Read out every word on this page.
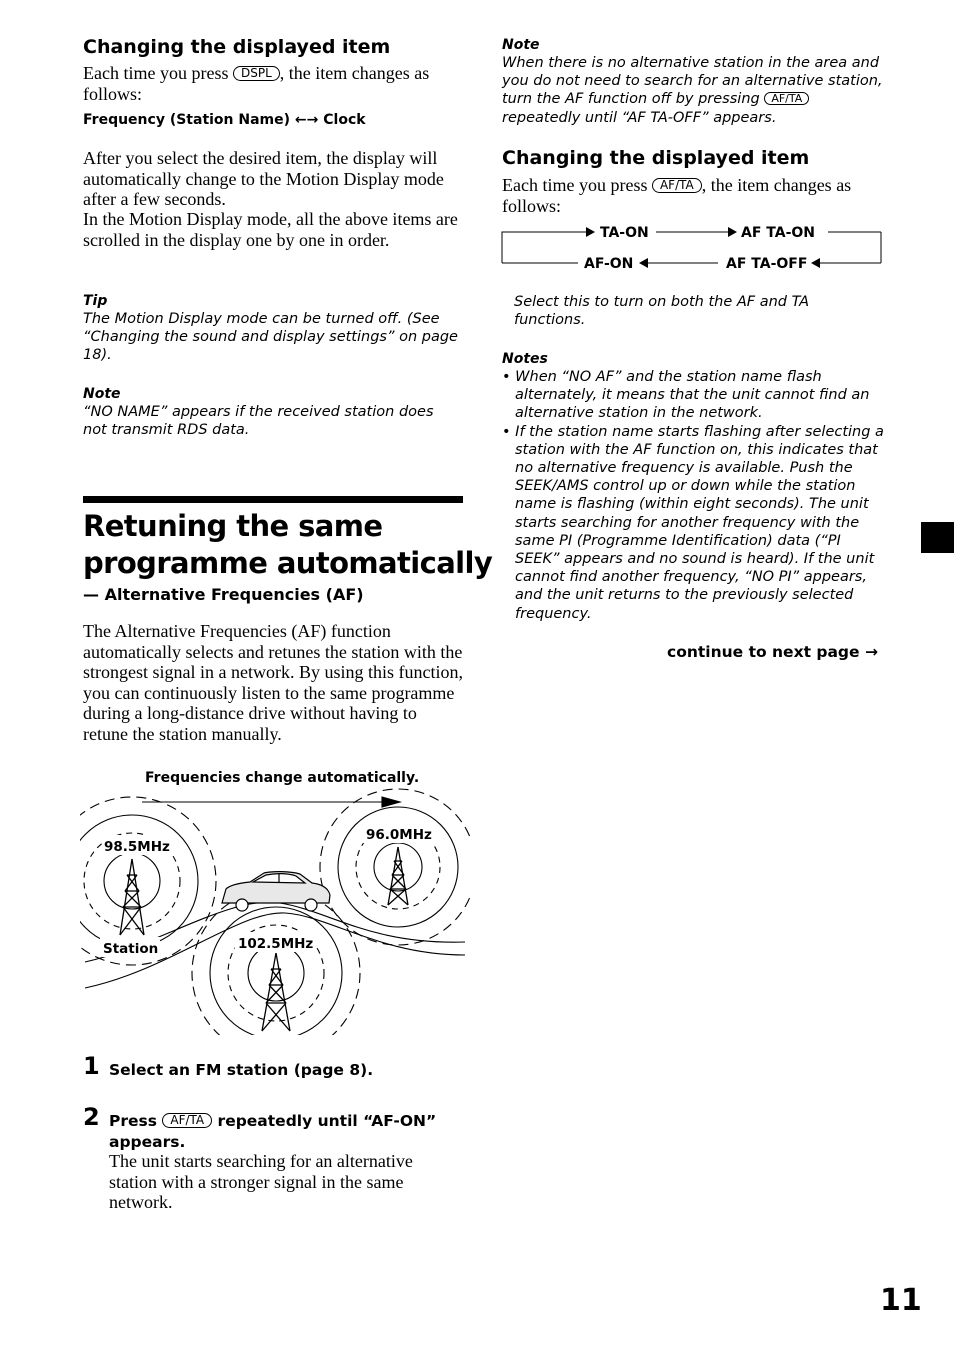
Changing the displayed item

Each time you press DSPL , the item changes as follows:

Frequency (Station Name) ←→ Clock

After you select the desired item, the display will automatically change to the Motion Display mode after a few seconds.

In the Motion Display mode, all the above items are scrolled in the display one by one in order.

Tip

The Motion Display mode can be turned off. (See “Changing the sound and display settings” on page 18).

Note

“NO NAME” appears if the received station does not transmit RDS data.

Retuning the same
programme automatically
— Alternative Frequencies (AF)

The Alternative Frequencies (AF) function automatically selects and retunes the station with the strongest signal in a network. By using this function, you can continuously listen to the same programme during a long-distance drive without having to retune the station manually.

Frequencies change automatically.
98.5MHz
96.0MHz
102.5MHz
Station
1 Select an FM station (page 8).
2 Press AF/TA repeatedly until “AF-ON” appears.

The unit starts searching for an alternative station with a stronger signal in the same network.

Note

When there is no alternative station in the area and you do not need to search for an alternative station, turn the AF function off by pressing AF/TA repeatedly until “AF TA-OFF” appears.

Changing the displayed item

Each time you press AF/TA , the item changes as follows:

TA-ON	AF TA-ON
AF TA-OFF
AF-ON

Select this to turn on both the AF and TA functions.

Notes

• When “NO AF” and the station name flash alternately, it means that the unit cannot find an alternative station in the network.

• If the station name starts flashing after selecting a station with the AF function on, this indicates that no alternative frequency is available. Push the SEEK/AMS control up or down while the station name is flashing (within eight seconds). The unit starts searching for another frequency with the same PI (Programme Identification) data (“PI SEEK” appears and no sound is heard). If the unit cannot find another frequency, “NO PI” appears, and the unit returns to the previously selected frequency.

continue to next page →
11
